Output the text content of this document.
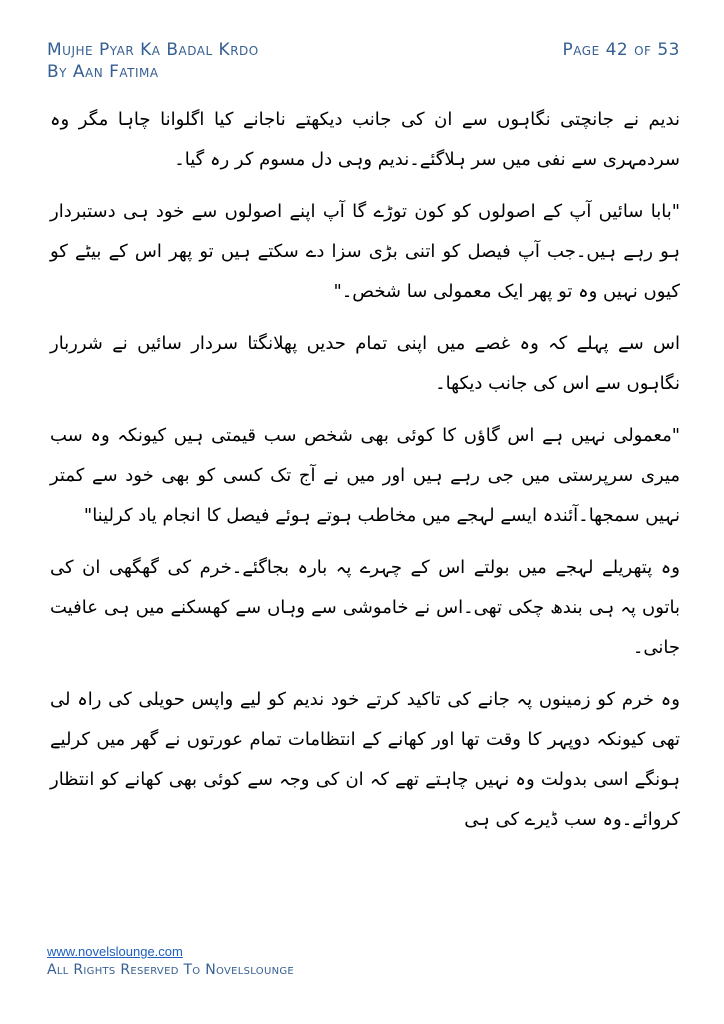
Mujhe Pyar Ka Badal Krdo
By Aan Fatima
Page 42 of 53

ندیم نے جانچتی نگاہوں سے ان کی جانب دیکھتے ناجانے کیا اگلوانا چاہا مگر وہ سردمہری سے نفی میں سر ہلاگئے۔ندیم وہی دل مسوم کر رہ گیا۔

"بابا سائیں آپ کے اصولوں کو کون توڑے گا آپ اپنے اصولوں سے خود ہی دستبردار ہو رہے ہیں۔جب آپ فیصل کو اتنی بڑی سزا دے سکتے ہیں تو پھر اس کے بیٹے کو کیوں نہیں وہ تو پھر ایک معمولی سا شخص۔"

اس سے پہلے کہ وہ غصے میں اپنی تمام حدیں پھلانگتا سردار سائیں نے شرربار نگاہوں سے اس کی جانب دیکھا۔

"معمولی نہیں ہے اس گاؤں کا کوئی بھی شخص سب قیمتی ہیں کیونکہ وہ سب میری سرپرستی میں جی رہے ہیں اور میں نے آج تک کسی کو بھی خود سے کمتر نہیں سمجھا۔آئندہ ایسے لہجے میں مخاطب ہوتے ہوئے فیصل کا انجام یاد کرلینا"

وہ پتھریلے لہجے میں بولتے اس کے چہرے پہ بارہ بجاگئے۔خرم کی گھگھی ان کی باتوں پہ ہی بندھ چکی تھی۔اس نے خاموشی سے وہاں سے کھسکنے میں ہی عافیت جانی۔

وہ خرم کو زمینوں پہ جانے کی تاکید کرتے خود ندیم کو لیے واپس حویلی کی راہ لی تھی کیونکہ دوپہر کا وقت تھا اور کھانے کے انتظامات تمام عورتوں نے گھر میں کرلیے ہونگے اسی بدولت وہ نہیں چاہتے تھے کہ ان کی وجہ سے کوئی بھی کھانے کو انتظار کروائے۔وہ سب ڈیرے کی ہی

www.novelslounge.com
All Rights Reserved To Novelslounge
